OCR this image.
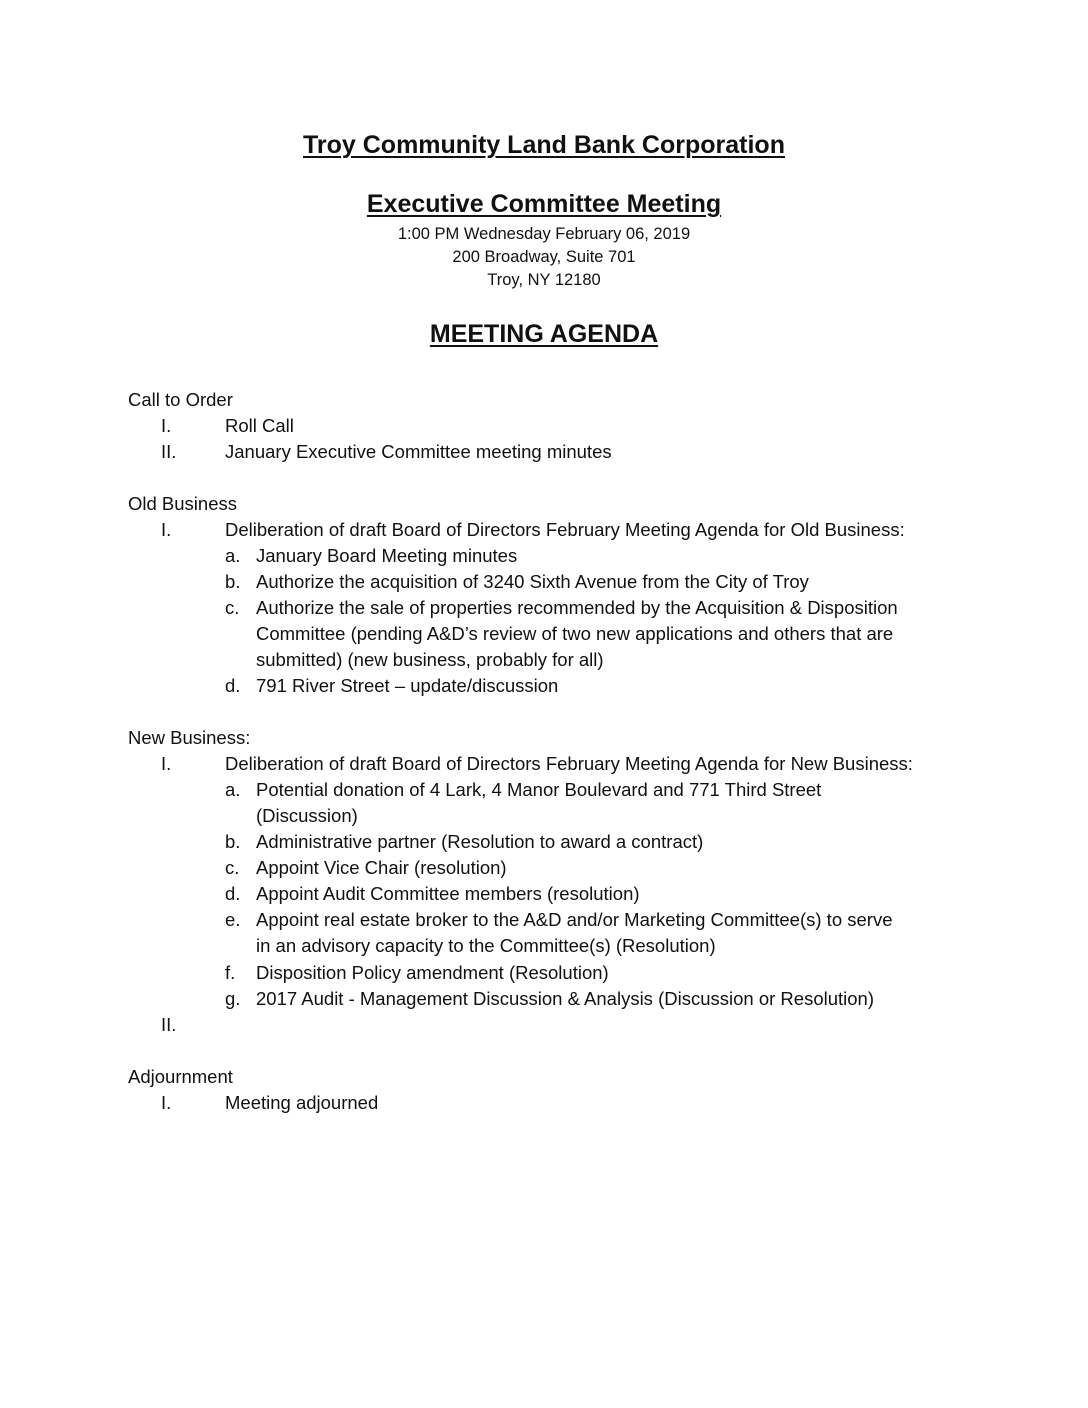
Troy Community Land Bank Corporation
Executive Committee Meeting
1:00 PM Wednesday February 06, 2019
200 Broadway, Suite 701
Troy, NY 12180
MEETING AGENDA
Call to Order
I.	Roll Call
II.	January Executive Committee meeting minutes
Old Business
I.	Deliberation of draft Board of Directors February Meeting Agenda for Old Business:
a. January Board Meeting minutes
b. Authorize the acquisition of 3240 Sixth Avenue from the City of Troy
c. Authorize the sale of properties recommended by the Acquisition & Disposition
Committee (pending A&D’s review of two new applications and others that are
submitted) (new business, probably for all)
d. 791 River Street – update/discussion
New Business:
I.	Deliberation of draft Board of Directors February Meeting Agenda for New Business:
a. Potential donation of 4 Lark, 4 Manor Boulevard and 771 Third Street
(Discussion)
b. Administrative partner (Resolution to award a contract)
c. Appoint Vice Chair (resolution)
d. Appoint Audit Committee members (resolution)
e. Appoint real estate broker to the A&D and/or Marketing Committee(s) to serve
in an advisory capacity to the Committee(s) (Resolution)
f. Disposition Policy amendment (Resolution)
g. 2017 Audit - Management Discussion & Analysis (Discussion or Resolution)
II.
Adjournment
I.	Meeting adjourned
